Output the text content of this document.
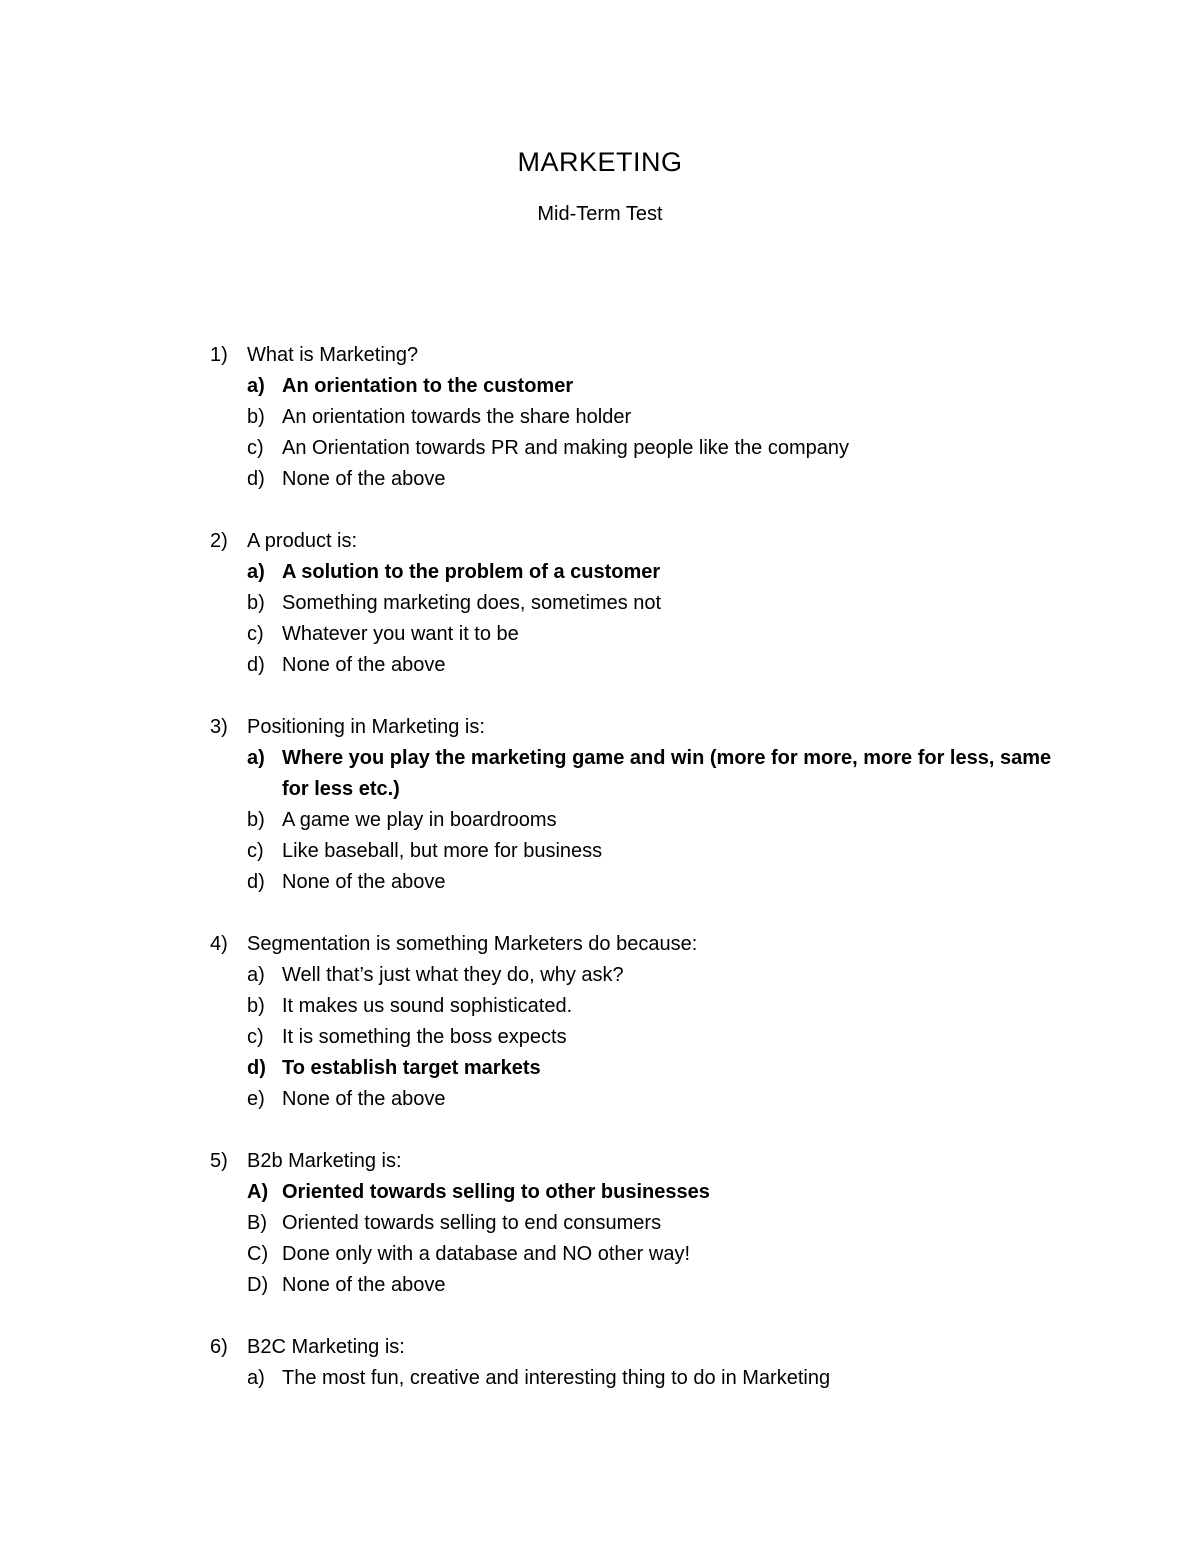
MARKETING
Mid-Term Test
1) What is Marketing?
a) An orientation to the customer
b) An orientation towards the share holder
c) An Orientation towards PR and making people like the company
d) None of the above
2) A product is:
a) A solution to the problem of a customer
b) Something marketing does, sometimes not
c) Whatever you want it to be
d) None of the above
3) Positioning in Marketing is:
a) Where you play the marketing game and win (more for more, more for less, same for less etc.)
b) A game we play in boardrooms
c) Like baseball, but more for business
d) None of the above
4) Segmentation is something Marketers do because:
a) Well that’s just what they do, why ask?
b) It makes us sound sophisticated.
c) It is something the boss expects
d) To establish target markets
e) None of the above
5) B2b Marketing is:
A) Oriented towards selling to other businesses
B) Oriented towards selling to end consumers
C) Done only with a database and NO other way!
D) None of the above
6) B2C Marketing is:
a) The most fun, creative and interesting thing to do in Marketing
